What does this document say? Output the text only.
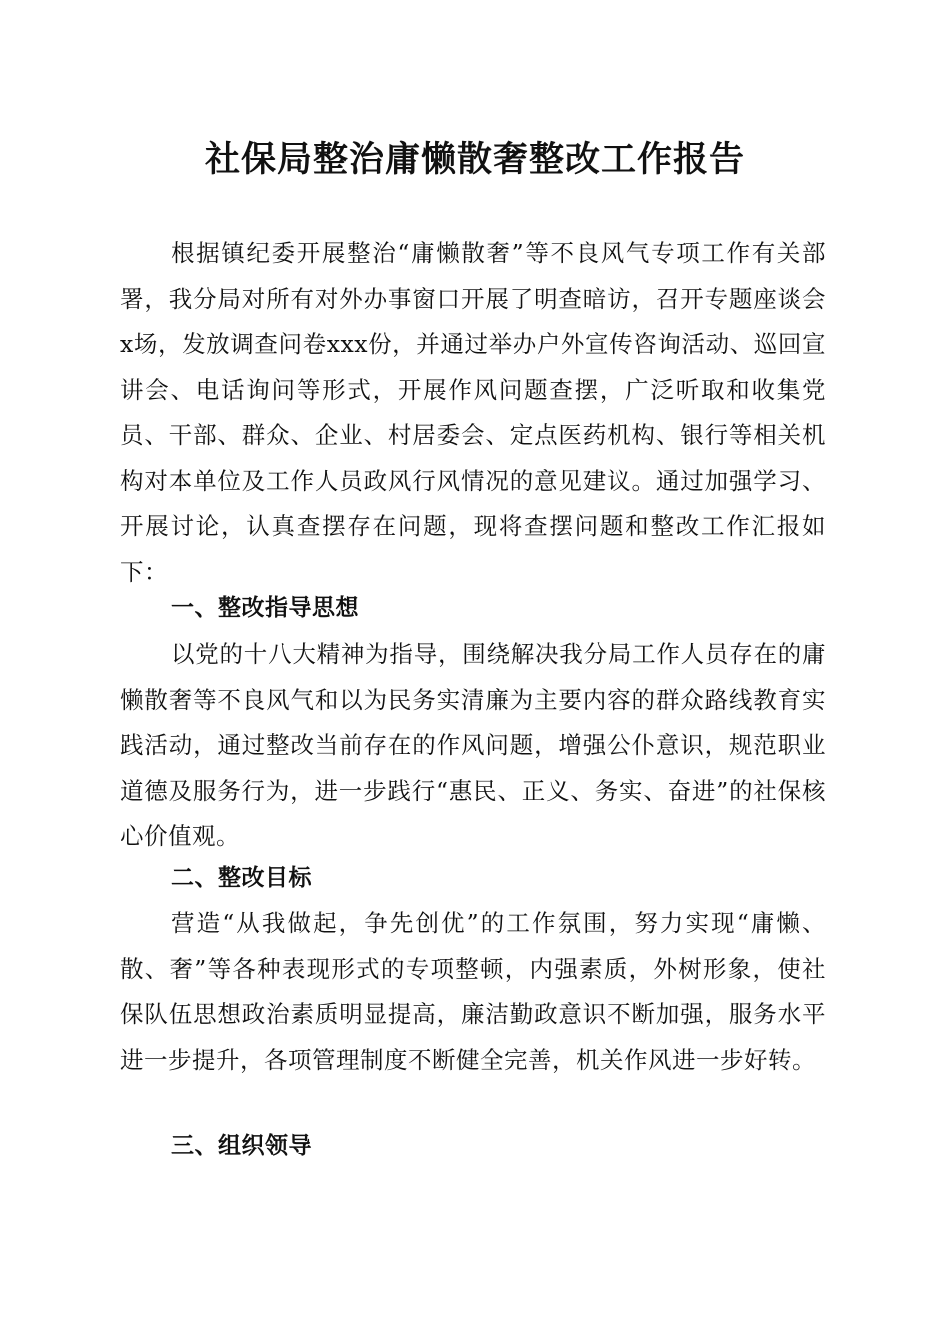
社保局整治庸懒散奢整改工作报告

根据镇纪委开展整治“庸懒散奢”等不良风气专项工作有关部署，我分局对所有对外办事窗口开展了明查暗访，召开专题座谈会x场，发放调查问卷xxx份，并通过举办户外宣传咨询活动、巡回宣讲会、电话询问等形式，开展作风问题查摆，广泛听取和收集党员、干部、群众、企业、村居委会、定点医药机构、银行等相关机构对本单位及工作人员政风行风情况的意见建议。通过加强学习、开展讨论，认真查摆存在问题，现将查摆问题和整改工作汇报如下：

一、整改指导思想

以党的十八大精神为指导，围绕解决我分局工作人员存在的庸懒散奢等不良风气和以为民务实清廉为主要内容的群众路线教育实践活动，通过整改当前存在的作风问题，增强公仆意识，规范职业道德及服务行为，进一步践行“惠民、正义、务实、奋进”的社保核心价值观。

二、整改目标

营造“从我做起，争先创优”的工作氛围，努力实现“庸懒、散、奢”等各种表现形式的专项整顿，内强素质，外树形象，使社保队伍思想政治素质明显提高，廉洁勤政意识不断加强，服务水平进一步提升，各项管理制度不断健全完善，机关作风进一步好转。

三、组织领导
